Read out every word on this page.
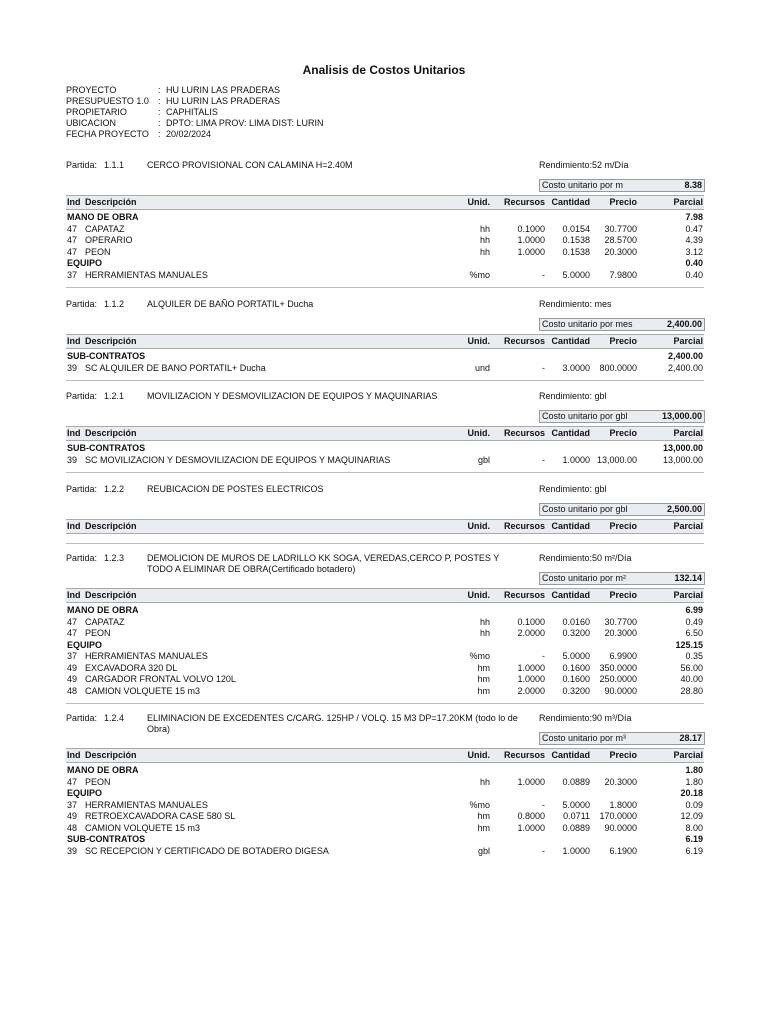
Analisis de Costos Unitarios
PROYECTO	: HU LURIN LAS PRADERAS
PRESUPUESTO 1.0 : HU LURIN LAS PRADERAS
PROPIETARIO	: CAPHITALIS
UBICACION	: DPTO: LIMA PROV: LIMA DIST: LURIN
FECHA PROYECTO : 20/02/2024
Partida: 1.1.1	CERCO PROVISIONAL CON CALAMINA H=2.40M	Rendimiento:52 m/Día
Costo unitario por m	8.38
Ind Descripción	Unid. Recursos Cantidad Precio	Parcial
MANO DE OBRA	7.98
47 CAPATAZ	hh	0.1000 0.0154 30.7700	0.47
47 OPERARIO	hh	1.0000 0.1538 28.5700	4.39
47 PEON	hh	1.0000 0.1538 20.3000	3.12
EQUIPO	0.40
37 HERRAMIENTAS MANUALES	%mo	- 5.0000 7.9800	0.40
Partida: 1.1.2	ALQUILER DE BAÑO PORTATIL+ Ducha	Rendimiento: mes
Costo unitario por mes	2,400.00
Ind Descripción	Unid. Recursos Cantidad Precio	Parcial
SUB-CONTRATOS	2,400.00
39 SC ALQUILER DE BANO PORTATIL+ Ducha	und	- 3.0000 800.0000	2,400.00
Partida: 1.2.1	MOVILIZACION Y DESMOVILIZACION DE EQUIPOS Y MAQUINARIAS	Rendimiento: gbl
Costo unitario por gbl	13,000.00
Ind Descripción	Unid. Recursos Cantidad Precio	Parcial
SUB-CONTRATOS	13,000.00
39 SC MOVILIZACION Y DESMOVILIZACION DE EQUIPOS Y MAQUINARIAS	gbl	- 1.0000 13,000.00	13,000.00
Partida: 1.2.2	REUBICACION DE POSTES ELECTRICOS	Rendimiento: gbl
Costo unitario por gbl	2,500.00
Ind Descripción	Unid. Recursos Cantidad Precio	Parcial
Partida: 1.2.3	DEMOLICION DE MUROS DE LADRILLO KK SOGA, VEREDAS,CERCO P, POSTES Y TODO A ELIMINAR DE OBRA(Certificado botadero)
Rendimiento:50 m²/Día
Costo unitario por m²	132.14
Ind Descripción	Unid. Recursos Cantidad Precio	Parcial
MANO DE OBRA	6.99
47 CAPATAZ	hh	0.1000 0.0160 30.7700	0.49
47 PEON	hh	2.0000 0.3200 20.3000	6.50
EQUIPO	125.15
37 HERRAMIENTAS MANUALES	%mo	- 5.0000 6.9900	0.35
49 EXCAVADORA 320 DL	hm	1.0000 0.1600 350.0000	56.00
49 CARGADOR FRONTAL VOLVO 120L	hm	1.0000 0.1600 250.0000	40.00
48 CAMION VOLQUETE 15 m3	hm	2.0000 0.3200 90.0000	28.80
Partida: 1.2.4	ELIMINACION DE EXCEDENTES C/CARG. 125HP / VOLQ. 15 M3 DP=17.20KM (todo lo de Obra)
Rendimiento:90 m³/Día
Costo unitario por m³	28.17
Ind Descripción	Unid. Recursos Cantidad Precio	Parcial
MANO DE OBRA	1.80
47 PEON	hh	1.0000 0.0889 20.3000	1.80
EQUIPO	20.18
37 HERRAMIENTAS MANUALES	%mo	- 5.0000 1.8000	0.09
49 RETROEXCAVADORA CASE 580 SL	hm	0.8000 0.0711 170.0000	12.09
48 CAMION VOLQUETE 15 m3	hm	1.0000 0.0889 90.0000	8.00
SUB-CONTRATOS	6.19
39 SC RECEPCION Y CERTIFICADO DE BOTADERO DIGESA	gbl	- 1.0000 6.1900	6.19
